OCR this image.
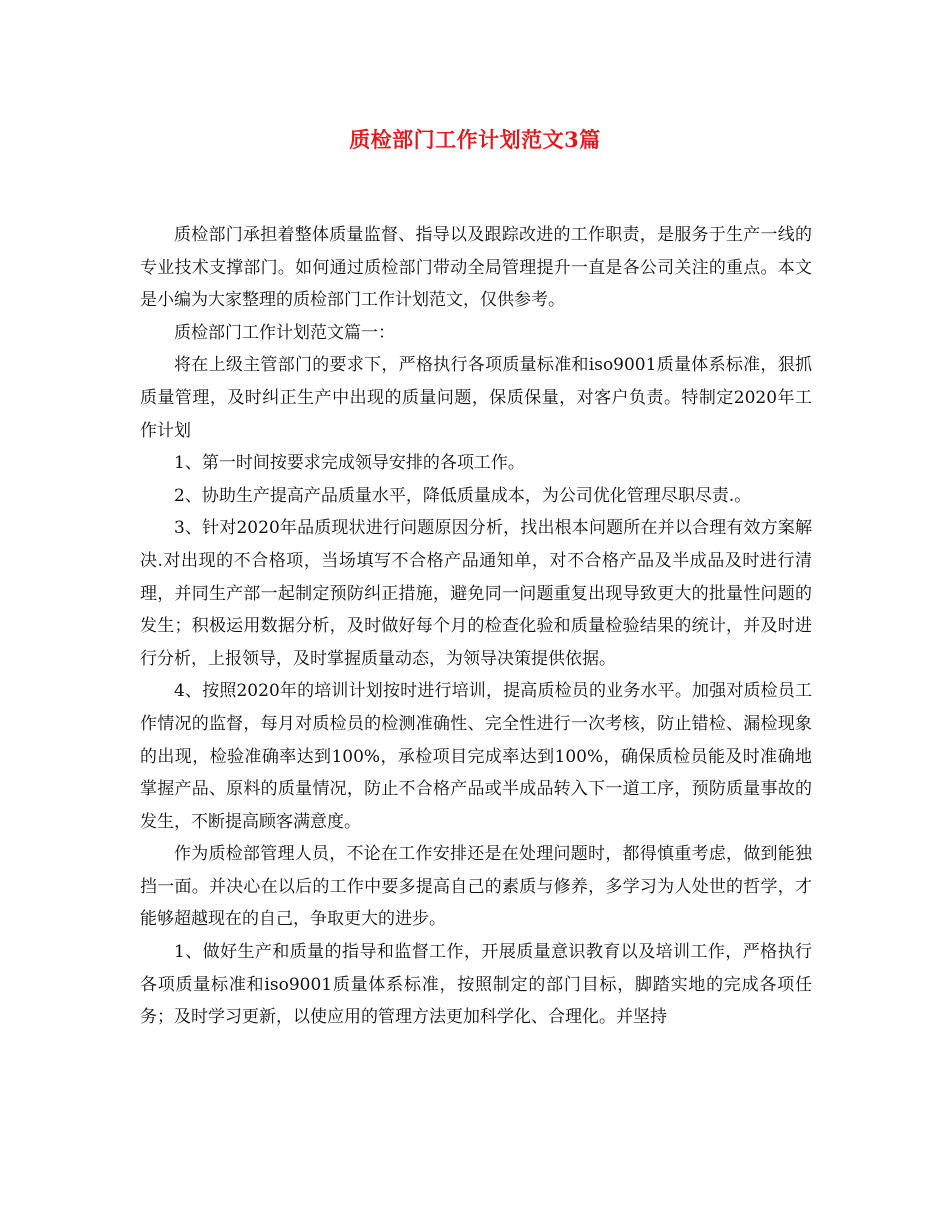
质检部门工作计划范文3篇

质检部门承担着整体质量监督、指导以及跟踪改进的工作职责，是服务于生产一线的专业技术支撑部门。如何通过质检部门带动全局管理提升一直是各公司关注的重点。本文是小编为大家整理的质检部门工作计划范文，仅供参考。

质检部门工作计划范文篇一：

将在上级主管部门的要求下，严格执行各项质量标准和iso9001质量体系标准，狠抓质量管理，及时纠正生产中出现的质量问题，保质保量，对客户负责。特制定2020年工作计划

1、第一时间按要求完成领导安排的各项工作。

2、协助生产提高产品质量水平，降低质量成本，为公司优化管理尽职尽责.。

3、针对2020年品质现状进行问题原因分析，找出根本问题所在并以合理有效方案解决.对出现的不合格项，当场填写不合格产品通知单，对不合格产品及半成品及时进行清理，并同生产部一起制定预防纠正措施，避免同一问题重复出现导致更大的批量性问题的发生；积极运用数据分析，及时做好每个月的检查化验和质量检验结果的统计，并及时进行分析，上报领导，及时掌握质量动态，为领导决策提供依据。

4、按照2020年的培训计划按时进行培训，提高质检员的业务水平。加强对质检员工作情况的监督，每月对质检员的检测准确性、完全性进行一次考核，防止错检、漏检现象的出现，检验准确率达到100%，承检项目完成率达到100%，确保质检员能及时准确地掌握产品、原料的质量情况，防止不合格产品或半成品转入下一道工序，预防质量事故的发生，不断提高顾客满意度。

作为质检部管理人员，不论在工作安排还是在处理问题时，都得慎重考虑，做到能独挡一面。并决心在以后的工作中要多提高自己的素质与修养，多学习为人处世的哲学，才能够超越现在的自己，争取更大的进步。

1、做好生产和质量的指导和监督工作，开展质量意识教育以及培训工作，严格执行各项质量标准和iso9001质量体系标准，按照制定的部门目标，脚踏实地的完成各项任务；及时学习更新，以使应用的管理方法更加科学化、合理化。并坚持
